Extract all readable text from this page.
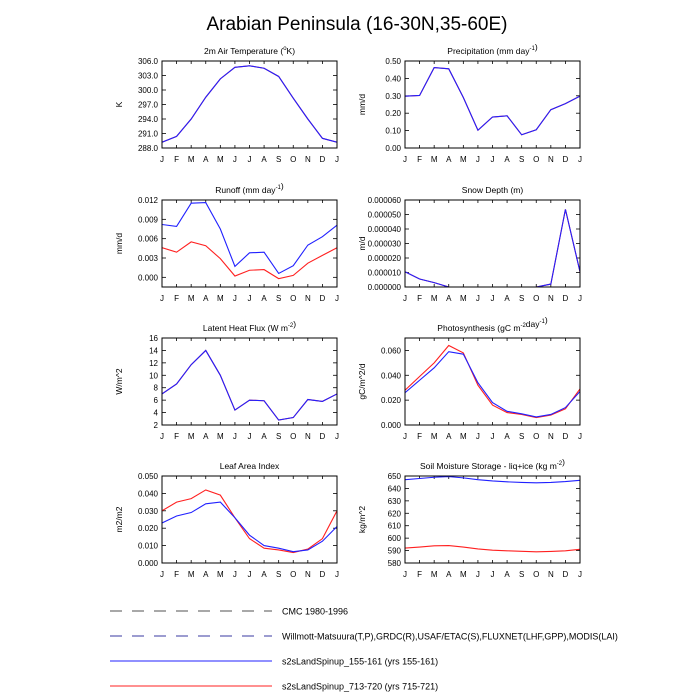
Arabian Peninsula (16-30N,35-60E)
2m Air Temperature ($^o$K)
K
J F M A M J J A S O N D J
288.0
291.0
294.0
297.0
300.0
303.0
306.0
Precipitation (mm day$^{-1}$)
mm/d
J F M A M J J A S O N D J
0.00
0.10
0.20
0.30
0.40
0.50
Runoff (mm day$^{-1}$)
mm/d
J F M A M J J A S O N D J
0.000
0.003
0.006
0.009
0.012
Snow Depth (m)
m/d
J F M A M J J A S O N D J
0.000000
0.000010
0.000020
0.000030
0.000040
0.000050
0.000060
Latent Heat Flux (W $m^{-2}$)
W/m^2
J F M A M J J A S O N D J
2
4
6
8
10
12
14
16
Photosynthesis (gC $m^{-2}day^{-1}$)
gC/m^2/d
J F M A M J J A S O N D J
0.000
0.020
0.040
0.060
Leaf Area Index
m2/m2
J F M A M J J A S O N D J
0.000
0.010
0.020
0.030
0.040
0.050
Soil Moisture Storage - liq+ice (kg $m^{-2}$)
kg/m^2
J F M A M J J A S O N D J
580
590
600
610
620
630
640
650
CMC 1980-1996
Willmott-Matsuura(T,P),GRDC(R),USAF/ETAC(S),FLUXNET(LHF,GPP),MODIS(LAI)
s2sLandSpinup_155-161 (yrs 155-161)
s2sLandSpinup_713-720 (yrs 715-721)
